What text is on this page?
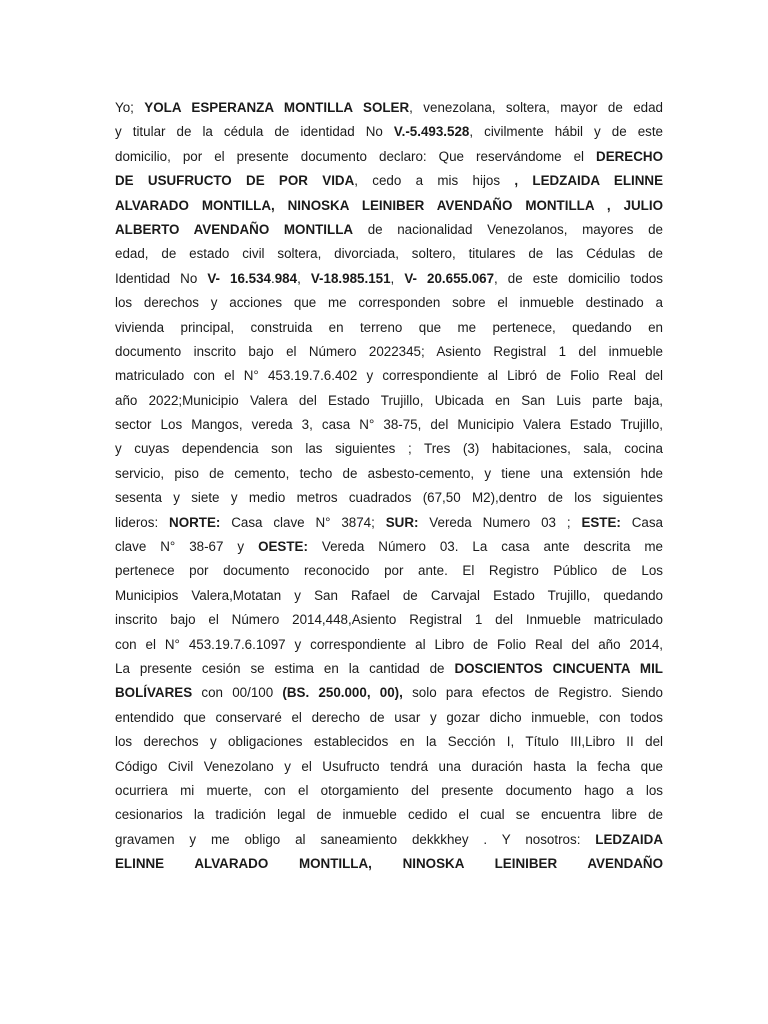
Yo; YOLA ESPERANZA MONTILLA SOLER, venezolana, soltera, mayor de edad
y titular de la cédula de identidad No V.-5.493.528, civilmente hábil y de este
domicilio, por el presente documento declaro: Que reservándome el DERECHO
DE USUFRUCTO DE POR VIDA, cedo a mis hijos , LEDZAIDA ELINNE
ALVARADO MONTILLA, NINOSKA LEINIBER AVENDAÑO MONTILLA , JULIO
ALBERTO AVENDAÑO MONTILLA de nacionalidad Venezolanos, mayores de
edad, de estado civil soltera, divorciada, soltero, titulares de las Cédulas de
Identidad No V- 16.534.984, V-18.985.151, V- 20.655.067, de este domicilio todos
los derechos y acciones que me corresponden sobre el inmueble destinado a
vivienda principal, construida en terreno que me pertenece, quedando en
documento inscrito bajo el Número 2022345; Asiento Registral 1 del inmueble
matriculado con el N° 453.19.7.6.402 y correspondiente al Libró de Folio Real del
año 2022;Municipio Valera del Estado Trujillo, Ubicada en San Luis parte baja,
sector Los Mangos, vereda 3, casa N° 38-75, del Municipio Valera Estado Trujillo,
y cuyas dependencia son las siguientes ; Tres (3) habitaciones, sala, cocina
servicio, piso de cemento, techo de asbesto-cemento, y tiene una extensión hde
sesenta y siete y medio metros cuadrados (67,50 M2),dentro de los siguientes
lideros: NORTE: Casa clave N° 3874; SUR: Vereda Numero 03 ; ESTE: Casa
clave N° 38-67 y OESTE: Vereda Número 03. La casa ante descrita me
pertenece por documento reconocido por ante. El Registro Público de Los
Municipios Valera,Motatan y San Rafael de Carvajal Estado Trujillo, quedando
inscrito bajo el Número 2014,448,Asiento Registral 1 del Inmueble matriculado
con el N° 453.19.7.6.1097 y correspondiente al Libro de Folio Real del año 2014,
La presente cesión se estima en la cantidad de DOSCIENTOS CINCUENTA MIL
BOLÍVARES con 00/100 (BS. 250.000, 00), solo para efectos de Registro. Siendo
entendido que conservaré el derecho de usar y gozar dicho inmueble, con todos
los derechos y obligaciones establecidos en la Sección I, Título III,Libro II del
Código Civil Venezolano y el Usufructo tendrá una duración hasta la fecha que
ocurriera mi muerte, con el otorgamiento del presente documento hago a los
cesionarios la tradición legal de inmueble cedido el cual se encuentra libre de
gravamen y me obligo al saneamiento dekkkhey . Y nosotros: LEDZAIDA
ELINNE ALVARADO MONTILLA, NINOSKA LEINIBER AVENDAÑO
